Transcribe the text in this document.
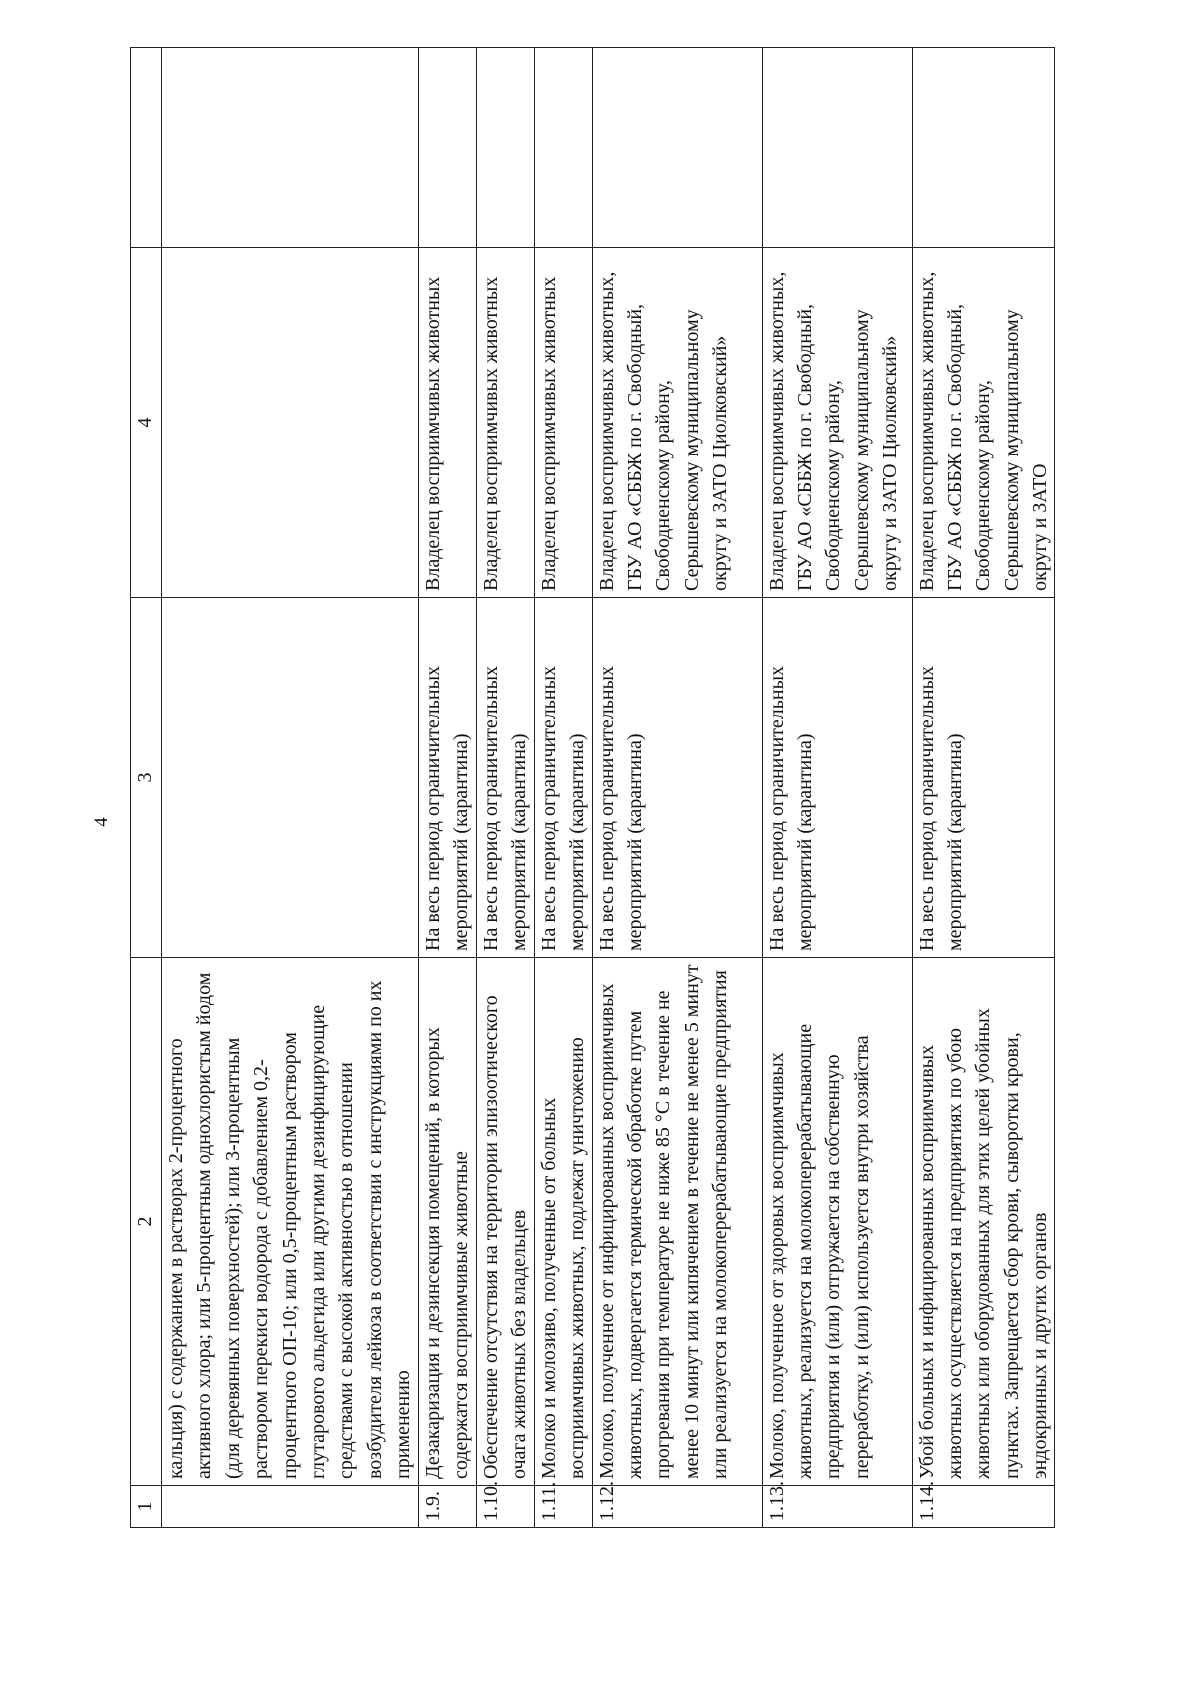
4
1	2	3	4	
	кальция) с содержанием в растворах 2-процентного активного хлора; или 5-процентным однохлористым йодом (для деревянных поверхностей); или 3-процентным раствором перекиси водорода с добавлением 0,2-процентного ОП-10; или 0,5-процентным раствором глутарового альдегида или другими дезинфицирующие средствами с высокой активностью в отношении возбудителя лейкоза в соответствии с инструкциями по их применению			
1.9.	Дезакаризация и дезинсекция помещений, в которых содержатся восприимчивые животные	На весь период ограничительных мероприятий (карантина)	Владелец восприимчивых животных	
1.10.	Обеспечение отсутствия на территории эпизоотического очага животных без владельцев	На весь период ограничительных мероприятий (карантина)	Владелец восприимчивых животных	
1.11.	Молоко и молозиво, полученные от больных восприимчивых животных, подлежат уничтожению	На весь период ограничительных мероприятий (карантина)	Владелец восприимчивых животных	
1.12.	Молоко, полученное от инфицированных восприимчивых животных, подвергается термической обработке путем прогревания при температуре не ниже 85 °С в течение не менее 10 минут или кипячением в течение не менее 5 минут или реализуется на молокоперерабатывающие предприятия	На весь период ограничительных мероприятий (карантина)	Владелец восприимчивых животных, ГБУ АО «СББЖ по г. Свободный, Свободненскому району, Серышевскому муниципальному округу и ЗАТО Циолковский»	
1.13.	Молоко, полученное от здоровых восприимчивых животных, реализуется на молокоперерабатывающие предприятия и (или) отгружается на собственную переработку, и (или) используется внутри хозяйства	На весь период ограничительных мероприятий (карантина)	Владелец восприимчивых животных, ГБУ АО «СББЖ по г. Свободный, Свободненскому району, Серышевскому муниципальному округу и ЗАТО Циолковский»	
1.14.	Убой больных и инфицированных восприимчивых животных осуществляется на предприятиях по убою животных или оборудованных для этих целей убойных пунктах. Запрещается сбор крови, сыворотки крови, эндокринных и других органов	На весь период ограничительных мероприятий (карантина)	Владелец восприимчивых животных, ГБУ АО «СББЖ по г. Свободный, Свободненскому району, Серышевскому муниципальному округу и ЗАТО	
